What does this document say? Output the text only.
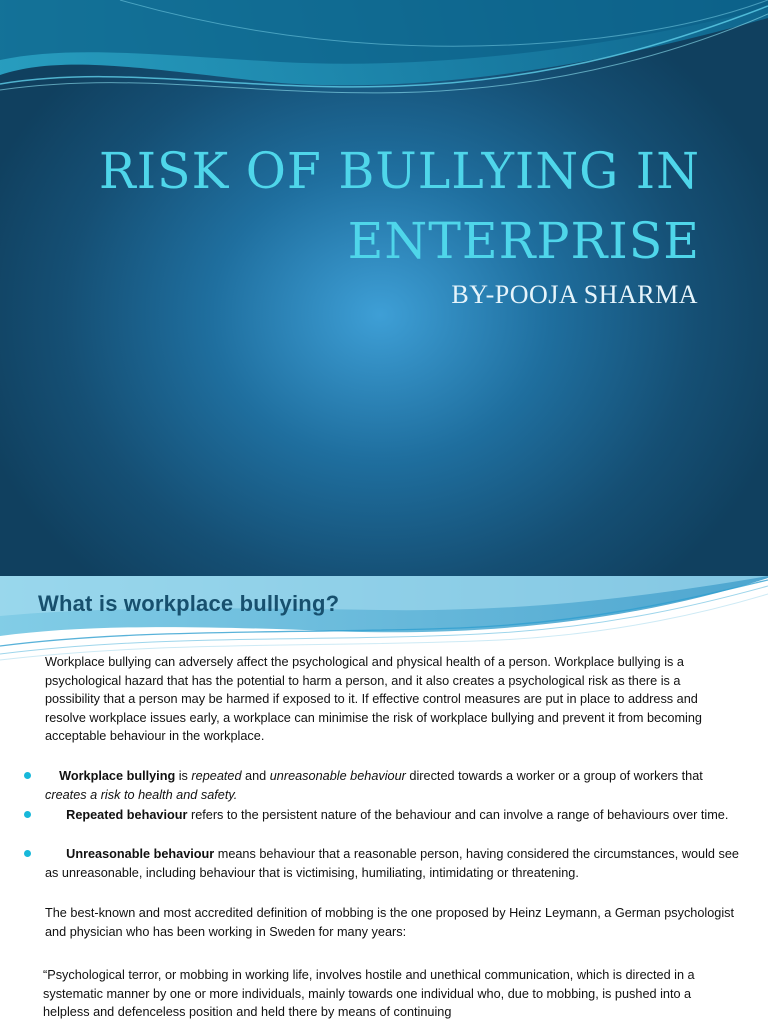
RISK OF BULLYING IN
ENTERPRISE
BY-POOJA SHARMA
What is workplace bullying?

Workplace bullying can adversely affect the psychological and physical health of a person. Workplace bullying is a psychological hazard that has the potential to harm a person, and it also creates a psychological risk as there is a possibility that a person may be harmed if exposed to it. If effective control measures are put in place to address and resolve workplace issues early, a workplace can minimise the risk of workplace bullying and prevent it from becoming acceptable behaviour in the workplace.

Workplace bullying is repeated and unreasonable behaviour directed towards a worker or a group of workers that creates a risk to health and safety.

Repeated behaviour refers to the persistent nature of the behaviour and can involve a range of behaviours over time.

Unreasonable behaviour means behaviour that a reasonable person, having considered the circumstances, would see as unreasonable, including behaviour that is victimising, humiliating, intimidating or threatening.

The best-known and most accredited definition of mobbing is the one proposed by Heinz Leymann, a German psychologist and physician who has been working in Sweden for many years:

“Psychological terror, or mobbing in working life, involves hostile and unethical communication, which is directed in a systematic manner by one or more individuals, mainly towards one individual who, due to mobbing, is pushed into a helpless and defenceless position and held there by means of continuing
